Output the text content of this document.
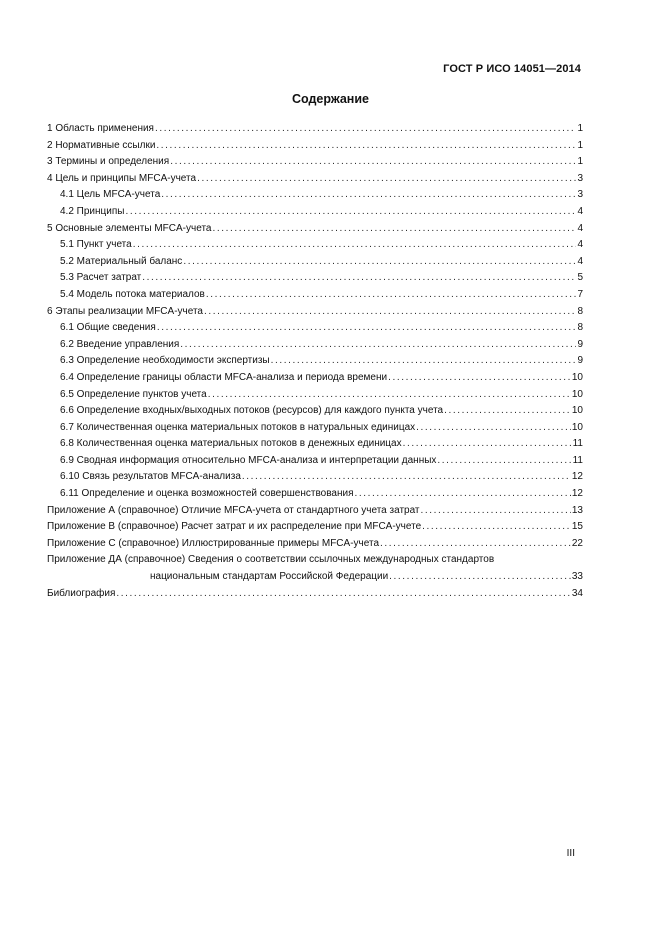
ГОСТ Р ИСО 14051—2014
Содержание
1 Область применения .....	1
2 Нормативные ссылки .....	1
3 Термины и определения .....	1
4 Цель и принципы MFCA-учета .....	3
4.1 Цель MFCA-учета .....	3
4.2 Принципы .....	4
5 Основные элементы MFCA-учета .....	4
5.1 Пункт учета .....	4
5.2 Материальный баланс .....	4
5.3 Расчет затрат .....	5
5.4 Модель потока материалов .....	7
6 Этапы реализации MFCA-учета .....	8
6.1 Общие сведения .....	8
6.2 Введение управления .....	9
6.3 Определение необходимости экспертизы .....	9
6.4 Определение границы области MFCA-анализа и периода времени .....	10
6.5 Определение пунктов учета .....	10
6.6 Определение входных/выходных потоков (ресурсов) для каждого пункта учета .....	10
6.7 Количественная оценка материальных потоков в натуральных единицах .....	10
6.8 Количественная оценка материальных потоков в денежных единицах .....	11
6.9 Сводная информация относительно MFCA-анализа и интерпретации данных .....	11
6.10 Связь результатов MFCA-анализа .....	12
6.11 Определение и оценка возможностей совершенствования .....	12
Приложение А (справочное) Отличие MFCA-учета от стандартного учета затрат .....	13
Приложение В (справочное) Расчет затрат и их распределение при MFCA-учете .....	15
Приложение С (справочное) Иллюстрированные примеры MFCA-учета .....	22
Приложение ДА (справочное) Сведения о соответствии ссылочных международных стандартов
национальным стандартам Российской Федерации .....	33
Библиография .....	34
III
